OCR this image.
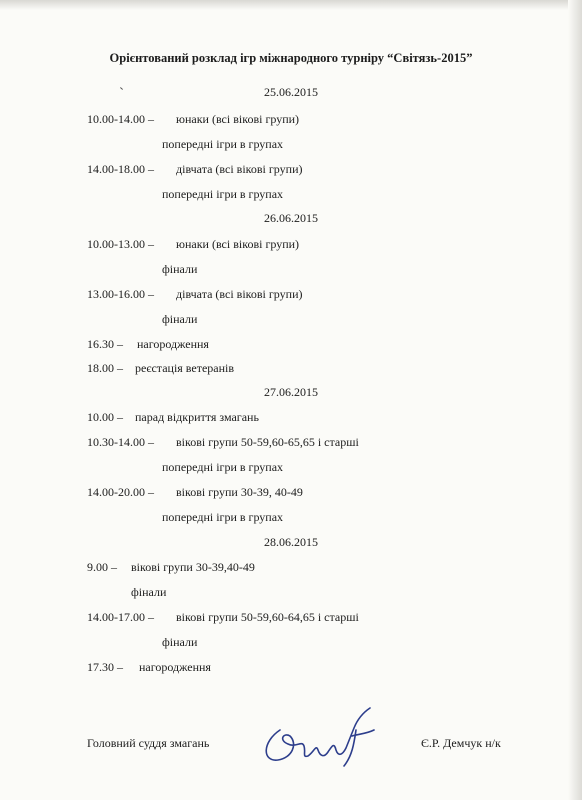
Орієнтований розклад ігр міжнародного турніру “Світязь-2015”
25.06.2015
10.00-14.00 – юнаки (всі вікові групи)
попередні ігри в групах
14.00-18.00 – дівчата (всі вікові групи)
попередні ігри в групах
26.06.2015
10.00-13.00 – юнаки (всі вікові групи)
фінали
13.00-16.00 – дівчата (всі вікові групи)
фінали
16.30 – нагородження
18.00 – реєстація ветеранів
27.06.2015
10.00 – парад відкриття змагань
10.30-14.00 – вікові групи 50-59,60-65,65 і старші
попередні ігри в групах
14.00-20.00 – вікові групи 30-39, 40-49
попередні ігри в групах
28.06.2015
9.00 – вікові групи 30-39,40-49
фінали
14.00-17.00 – вікові групи 50-59,60-64,65 і старші
фінали
17.30 – нагородження
Головний суддя змагань	Є.Р. Демчук н/к
